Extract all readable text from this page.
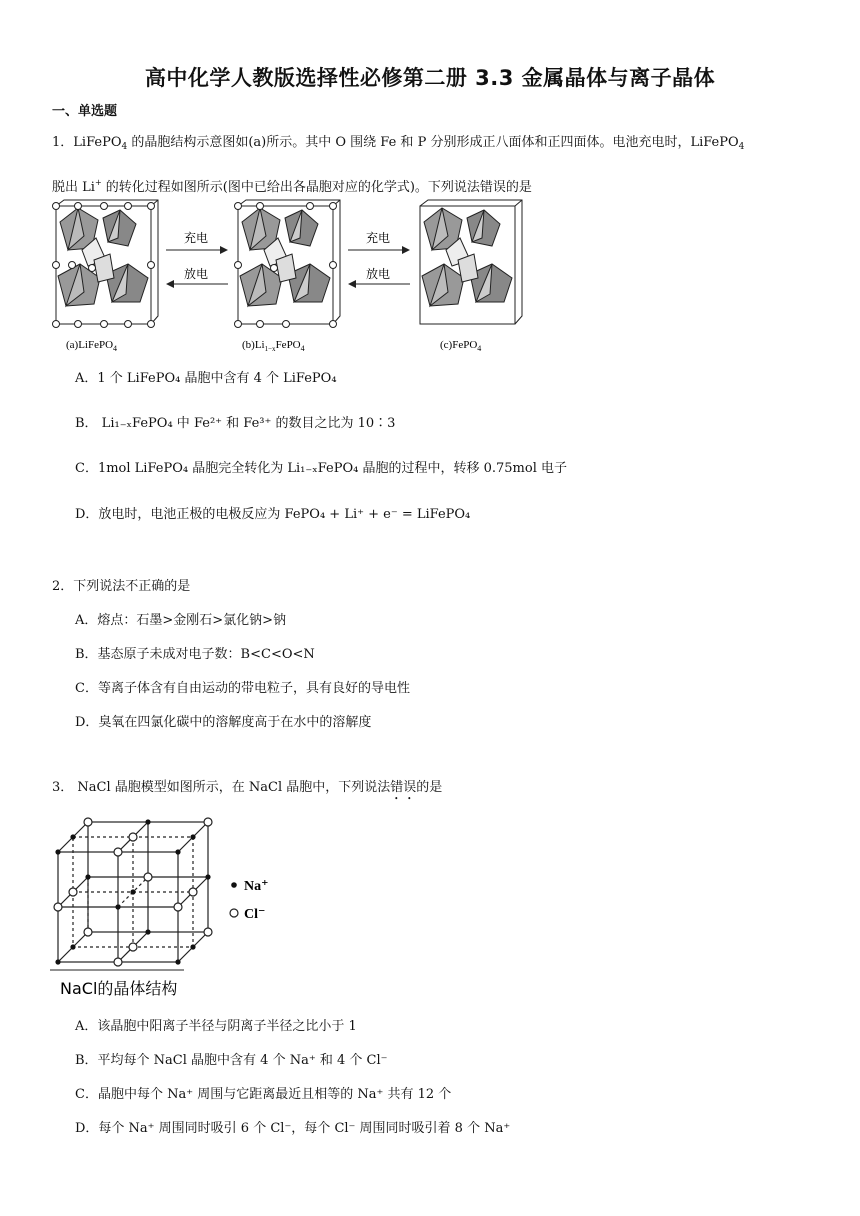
高中化学人教版选择性必修第二册 3.3 金属晶体与离子晶体
一、单选题
1．LiFePO$_4$ 的晶胞结构示意图如(a)所示。其中 O 围绕 Fe 和 P 分别形成正八面体和正四面体。电池充电时，LiFePO$_4$
脱出 Li+ 的转化过程如图所示(图中已给出各晶胞对应的化学式)。下列说法错误的是
充电
放电
充电
放电
(a)LiFePO$_4$	$(b)Li_{1-x}FePO_4$	(c)FePO$_4$
A．1 个 LiFePO₄ 晶胞中含有 4 个 LiFePO₄
B． Li₁₋ₓFePO₄ 中 Fe²⁺ 和 Fe³⁺ 的数目之比为 10∶3
C．1mol LiFePO₄ 晶胞完全转化为 Li₁₋ₓFePO₄ 晶胞的过程中，转移 0.75mol 电子
D．放电时，电池正极的电极反应为 FePO₄ + Li⁺ + e⁻ = LiFePO₄
2．下列说法不正确的是
A．熔点：石墨>金刚石>氯化钠>钠
B．基态原子未成对电子数：B<C<O<N
C．等离子体含有自由运动的带电粒子，具有良好的导电性
D．臭氧在四氯化碳中的溶解度高于在水中的溶解度
3． NaCl 晶胞模型如图所示，在 NaCl 晶胞中，下列说法错误的是
Na⁺
Cl⁻
NaCl的晶体结构
A．该晶胞中阳离子半径与阴离子半径之比小于 1
B．平均每个 NaCl 晶胞中含有 4 个 Na⁺ 和 4 个 Cl⁻
C．晶胞中每个 Na⁺ 周围与它距离最近且相等的 Na⁺ 共有 12 个
D．每个 Na⁺ 周围同时吸引 6 个 Cl⁻，每个 Cl⁻ 周围同时吸引着 8 个 Na⁺
